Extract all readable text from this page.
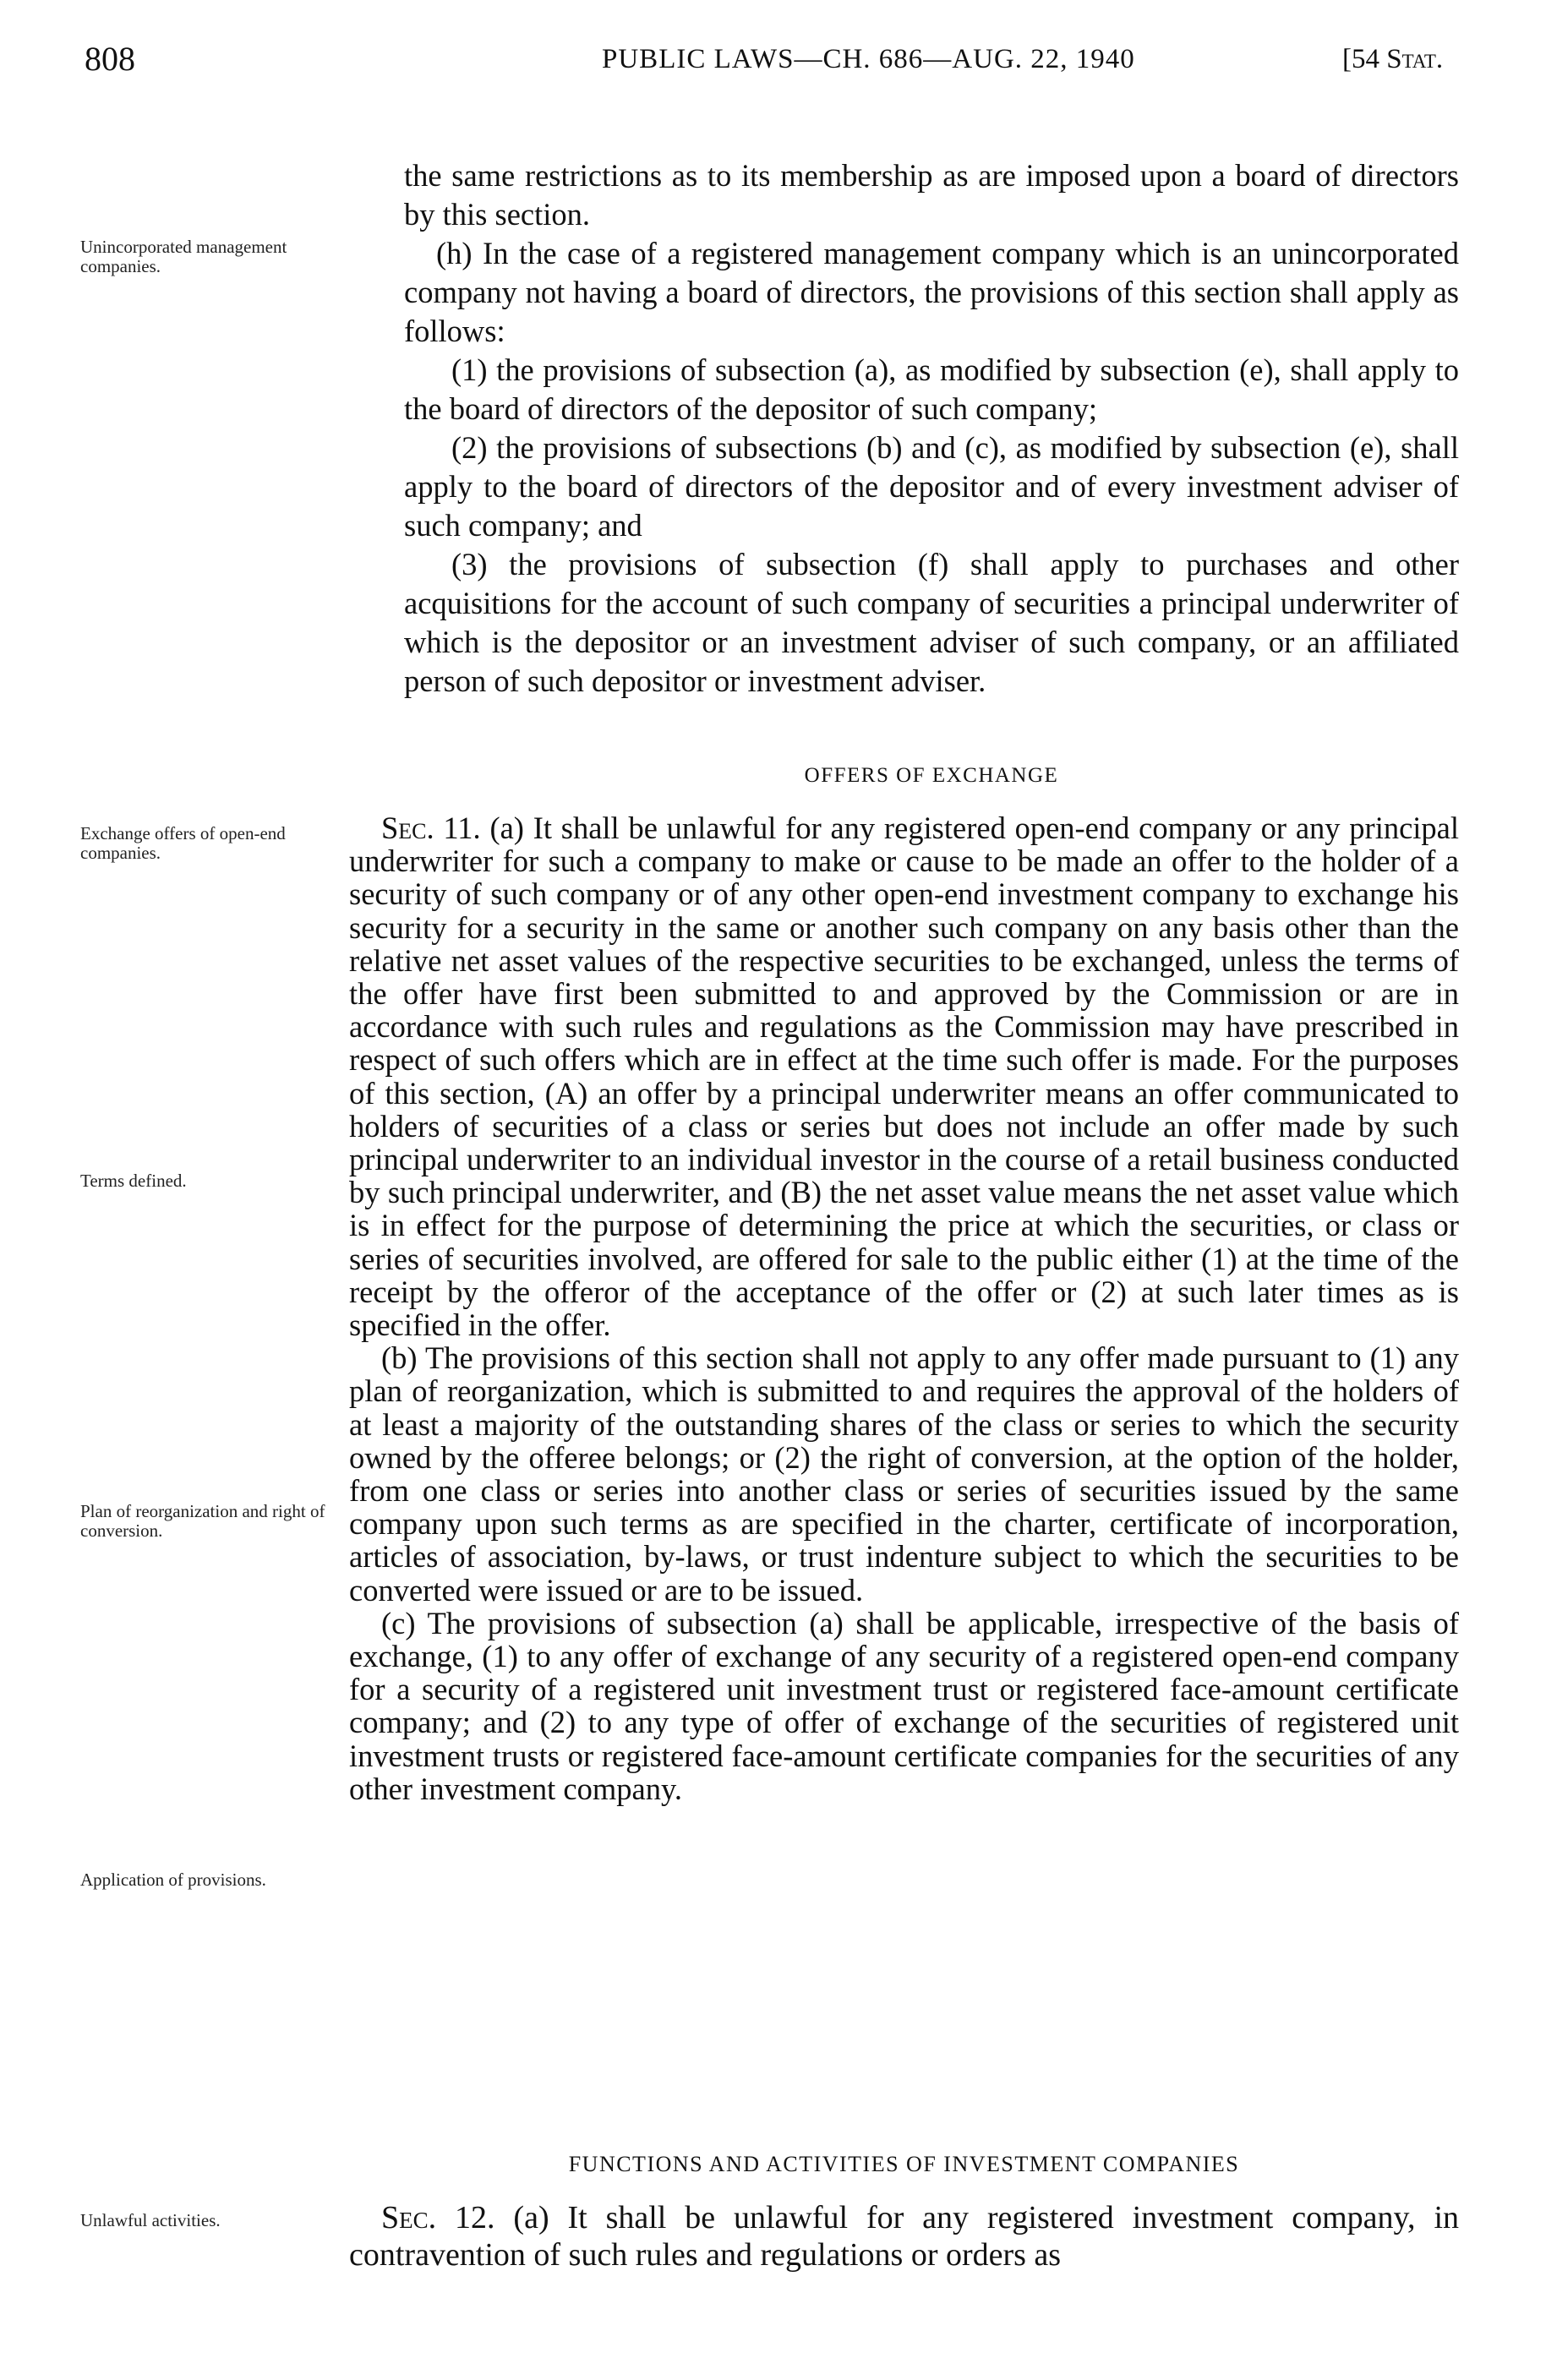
808	PUBLIC LAWS—CH. 686—AUG. 22, 1940	[54 Stat.
Unincorporated management companies.
Exchange offers of open-end companies.
Terms defined.
Plan of reorganization and right of conversion.
Application of provisions.
Unlawful activities.

the same restrictions as to its membership as are imposed upon a board of directors by this section.

(h) In the case of a registered management company which is an unincorporated company not having a board of directors, the provisions of this section shall apply as follows:

(1) the provisions of subsection (a), as modified by subsection (e), shall apply to the board of directors of the depositor of such company;

(2) the provisions of subsections (b) and (c), as modified by subsection (e), shall apply to the board of directors of the depositor and of every investment adviser of such company; and

(3) the provisions of subsection (f) shall apply to purchases and other acquisitions for the account of such company of securities a principal underwriter of which is the depositor or an investment adviser of such company, or an affiliated person of such depositor or investment adviser.

OFFERS OF EXCHANGE

Sec. 11. (a) It shall be unlawful for any registered open-end company or any principal underwriter for such a company to make or cause to be made an offer to the holder of a security of such company or of any other open-end investment company to exchange his security for a security in the same or another such company on any basis other than the relative net asset values of the respective securities to be exchanged, unless the terms of the offer have first been submitted to and approved by the Commission or are in accordance with such rules and regulations as the Commission may have prescribed in respect of such offers which are in effect at the time such offer is made. For the purposes of this section, (A) an offer by a principal underwriter means an offer communicated to holders of securities of a class or series but does not include an offer made by such principal underwriter to an individual investor in the course of a retail business conducted by such principal underwriter, and (B) the net asset value means the net asset value which is in effect for the purpose of determining the price at which the securities, or class or series of securities involved, are offered for sale to the public either (1) at the time of the receipt by the offeror of the acceptance of the offer or (2) at such later times as is specified in the offer.

(b) The provisions of this section shall not apply to any offer made pursuant to (1) any plan of reorganization, which is submitted to and requires the approval of the holders of at least a majority of the outstanding shares of the class or series to which the security owned by the offeree belongs; or (2) the right of conversion, at the option of the holder, from one class or series into another class or series of securities issued by the same company upon such terms as are specified in the charter, certificate of incorporation, articles of association, by-laws, or trust indenture subject to which the securities to be converted were issued or are to be issued.

(c) The provisions of subsection (a) shall be applicable, irrespective of the basis of exchange, (1) to any offer of exchange of any security of a registered open-end company for a security of a registered unit investment trust or registered face-amount certificate company; and (2) to any type of offer of exchange of the securities of registered unit investment trusts or registered face-amount certificate companies for the securities of any other investment company.

FUNCTIONS AND ACTIVITIES OF INVESTMENT COMPANIES

Sec. 12. (a) It shall be unlawful for any registered investment company, in contravention of such rules and regulations or orders as
